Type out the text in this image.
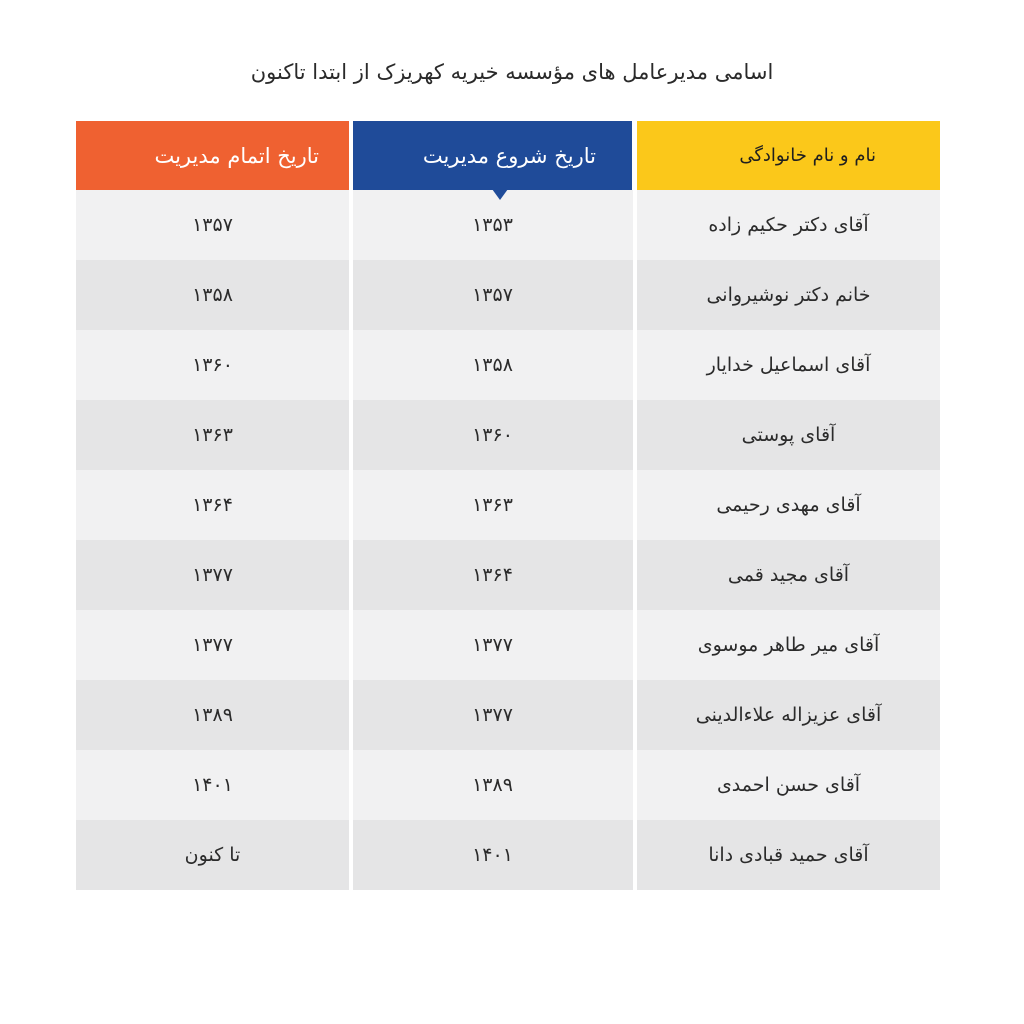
اسامی مدیرعامل های مؤسسه خیریه کهریزک از ابتدا تاکنون
تاریخ اتمام مدیریت	تاریخ شروع مدیریت	نام و نام خانوادگی
۱۳۵۷	۱۳۵۳	آقای دکتر حکیم زاده
۱۳۵۸	۱۳۵۷	خانم دکتر نوشیروانی
۱۳۶۰	۱۳۵۸	آقای اسماعیل خدایار
۱۳۶۳	۱۳۶۰	آقای پوستی
۱۳۶۴	۱۳۶۳	آقای مهدی رحیمی
۱۳۷۷	۱۳۶۴	آقای مجید قمی
۱۳۷۷	۱۳۷۷	آقای میر طاهر موسوی
۱۳۸۹	۱۳۷۷	آقای عزیزاله علاءالدینی
۱۴۰۱	۱۳۸۹	آقای حسن احمدی
تا کنون	۱۴۰۱	آقای حمید قبادی دانا
